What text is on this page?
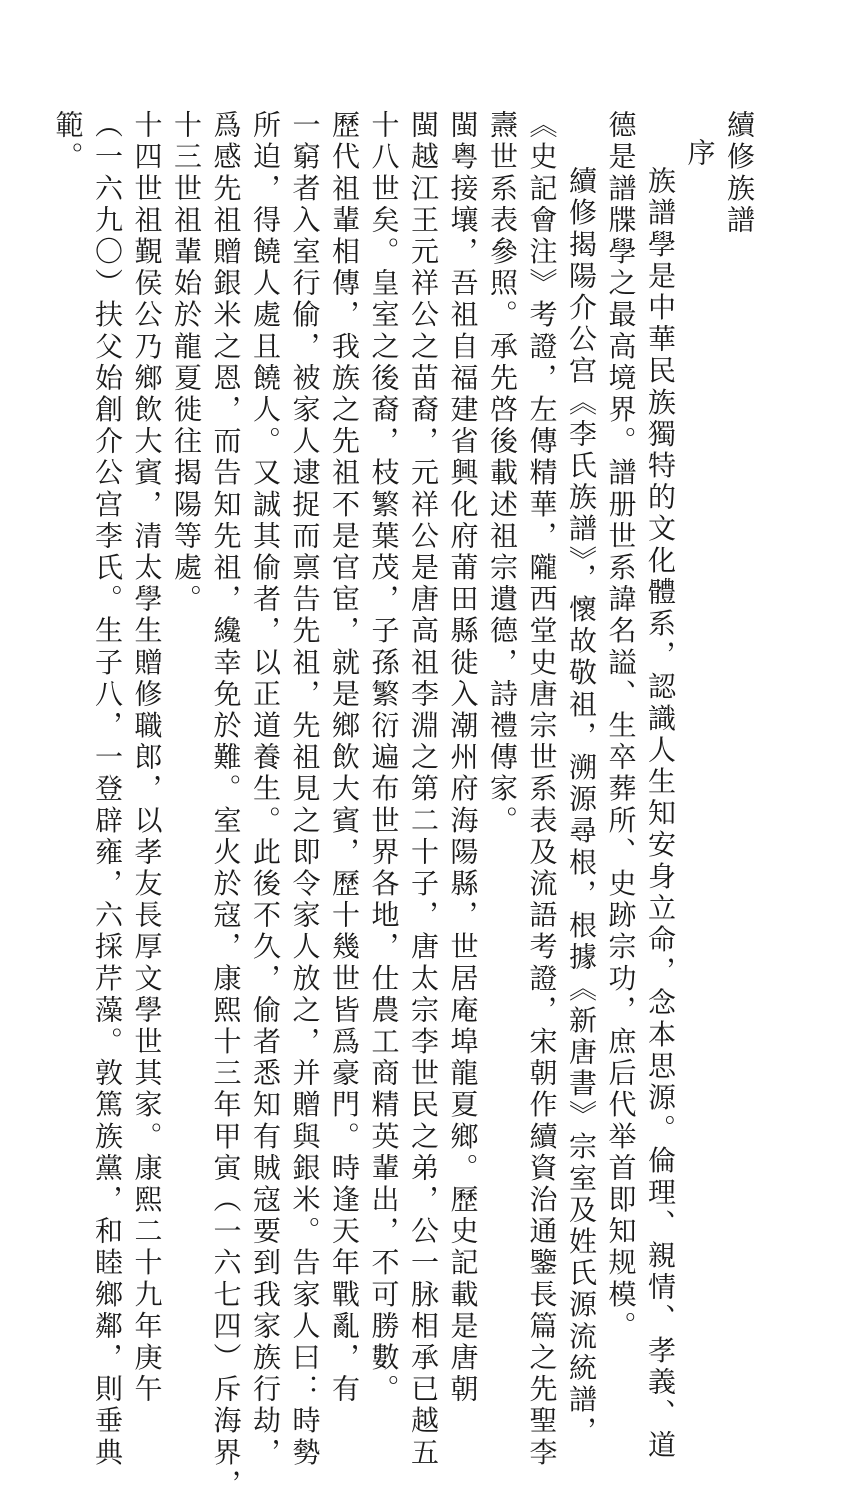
續修族譜
序
族譜學是中華民族獨特的文化體系，認識人生知安身立命，念本思源。倫理、親情、孝義、道
德是譜牒學之最高境界。譜册世系諱名謚、生卒葬所、史跡宗功，庶后代举首即知规模。
續修揭陽介公宫《李氏族譜》，懷故敬祖，溯源尋根，根據《新唐書》宗室及姓氏源流統譜，
《史記會注》考證，左傳精華，隴西堂史唐宗世系表及流語考證，宋朝作續資治通鑒長篇之先聖李
燾世系表參照。承先啓後載述祖宗遺德，詩禮傳家。
閩粤接壤，吾祖自福建省興化府莆田縣徙入潮州府海陽縣，世居庵埠龍夏鄉。歷史記載是唐朝
閩越江王元祥公之苗裔，元祥公是唐高祖李淵之第二十子，唐太宗李世民之弟，公一脉相承已越五
十八世矣。皇室之後裔，枝繁葉茂，子孫繁衍遍布世界各地，仕農工商精英輩出，不可勝數。
歷代祖輩相傳，我族之先祖不是官宦，就是鄉飲大賓，歷十幾世皆爲豪門。時逢天年戰亂，有
一窮者入室行偷，被家人逮捉而禀告先祖，先祖見之即令家人放之，并贈與銀米。告家人曰：時勢
所迫，得饒人處且饒人。又誠其偷者，以正道養生。此後不久，偷者悉知有賊寇要到我家族行劫，
爲感先祖贈銀米之恩，而告知先祖，纔幸免於難。室火於寇，康熙十三年甲寅（一六七四）斥海界，
十三世祖輩始於龍夏徙往揭陽等處。
十四世祖覲侯公乃鄉飲大賓，清太學生贈修職郎，以孝友長厚文學世其家。康熙二十九年庚午
（一六九〇）扶父始創介公宫李氏。生子八，一登辟雍，六採芹藻。敦篤族黨，和睦鄉鄰，則垂典
範。
